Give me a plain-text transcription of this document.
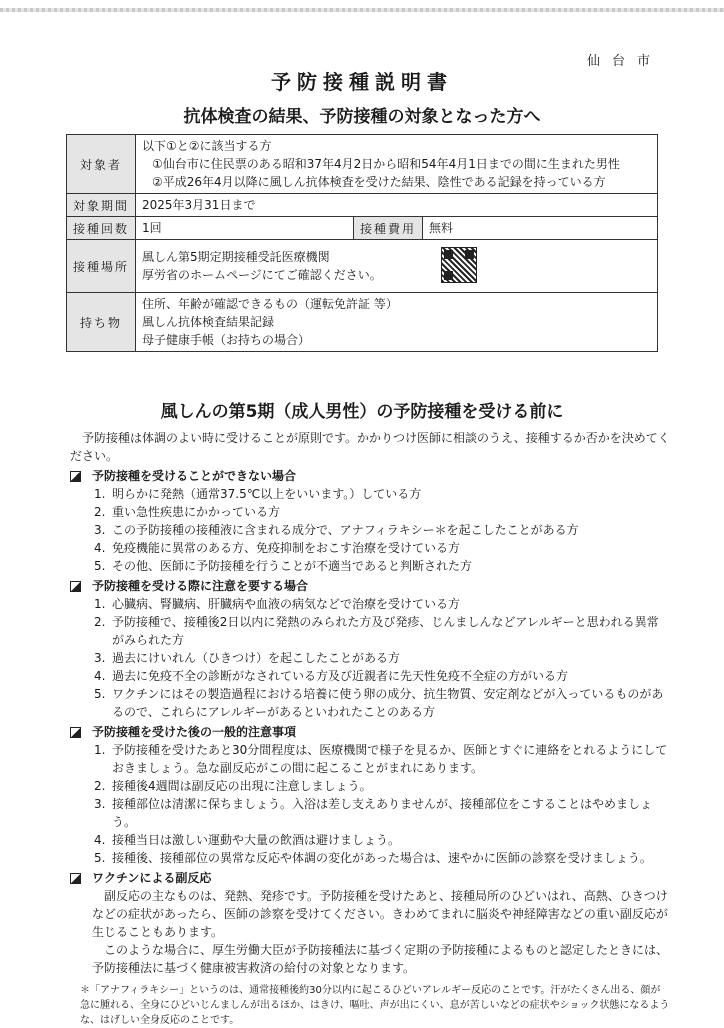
仙台市
予防接種説明書
抗体検査の結果、予防接種の対象となった方へ
対象者	以下①と②に該当する方
①仙台市に住民票のある昭和37年4月2日から昭和54年4月1日までの間に生まれた男性
②平成26年4月以降に風しん抗体検査を受けた結果、陰性である記録を持っている方			

対象期間	2025年3月31日まで			
接種回数	1回	接種費用	無料	
接種場所	風しん第5期定期接種受託医療機関
厚労省のホームページにてご確認ください。			

持ち物	住所、年齢が確認できるもの（運転免許証 等）
風しん抗体検査結果記録
母子健康手帳（お持ちの場合）			
風しんの第5期（成人男性）の予防接種を受ける前に
予防接種は体調のよい時に受けることが原則です。かかりつけ医師に相談のうえ、接種するか否かを決めてください。
予防接種を受けることができない場合
1. 明らかに発熱（通常37.5℃以上をいいます。）している方
2. 重い急性疾患にかかっている方
3. この予防接種の接種液に含まれる成分で、アナフィラキシー＊を起こしたことがある方
4. 免疫機能に異常のある方、免疫抑制をおこす治療を受けている方
5. その他、医師に予防接種を行うことが不適当であると判断された方
予防接種を受ける際に注意を要する場合
1. 心臓病、腎臓病、肝臓病や血液の病気などで治療を受けている方
2. 予防接種で、接種後2日以内に発熱のみられた方及び発疹、じんましんなどアレルギーと思われる異常がみられた方
3. 過去にけいれん（ひきつけ）を起こしたことがある方
4. 過去に免疫不全の診断がなされている方及び近親者に先天性免疫不全症の方がいる方
5. ワクチンにはその製造過程における培養に使う卵の成分、抗生物質、安定剤などが入っているものがあるので、これらにアレルギーがあるといわれたことのある方
予防接種を受けた後の一般的注意事項
1. 予防接種を受けたあと30分間程度は、医療機関で様子を見るか、医師とすぐに連絡をとれるようにしておきましょう。急な副反応がこの間に起こることがまれにあります。
2. 接種後4週間は副反応の出現に注意しましょう。
3. 接種部位は清潔に保ちましょう。入浴は差し支えありませんが、接種部位をこすることはやめましょう。
4. 接種当日は激しい運動や大量の飲酒は避けましょう。
5. 接種後、接種部位の異常な反応や体調の変化があった場合は、速やかに医師の診察を受けましょう。
ワクチンによる副反応
副反応の主なものは、発熱、発疹です。予防接種を受けたあと、接種局所のひどいはれ、高熱、ひきつけなどの症状があったら、医師の診察を受けてください。きわめてまれに脳炎や神経障害などの重い副反応が生じることもあります。
このような場合に、厚生労働大臣が予防接種法に基づく定期の予防接種によるものと認定したときには、予防接種法に基づく健康被害救済の給付の対象となります。
＊「アナフィラキシー」というのは、通常接種後約30分以内に起こるひどいアレルギー反応のことです。汗がたくさん出る、顔が急に腫れる、全身にひどいじんましんが出るほか、はきけ、嘔吐、声が出にくい、息が苦しいなどの症状やショック状態になるような、はげしい全身反応のことです。
